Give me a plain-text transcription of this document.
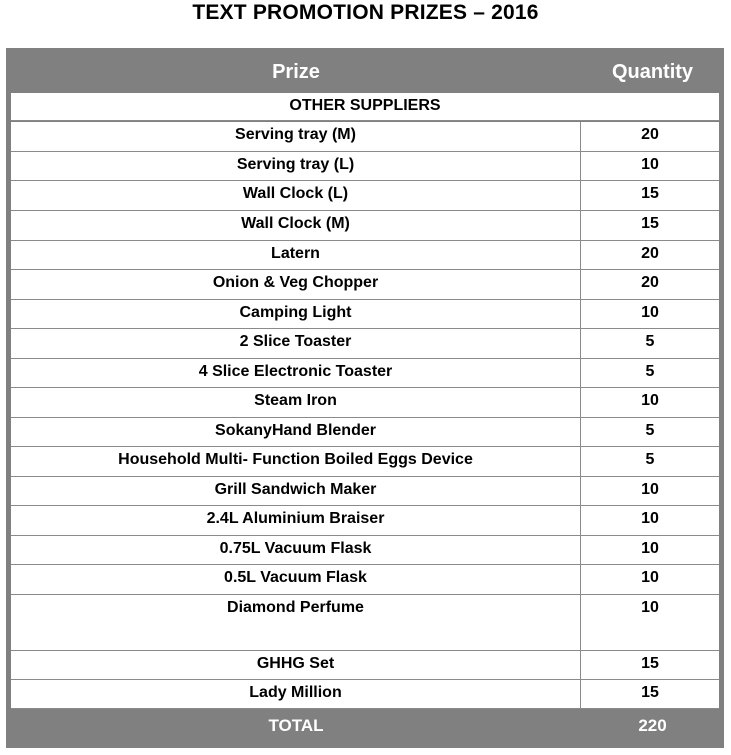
TEXT PROMOTION PRIZES – 2016
Prize	Quantity
OTHER SUPPLIERS
Serving tray (M)	20
Serving tray (L)	10
Wall Clock (L)	15
Wall Clock (M)	15
Latern	20
Onion & Veg Chopper	20
Camping Light	10
2 Slice Toaster	5
4 Slice Electronic Toaster	5
Steam Iron	10
SokanyHand Blender	5
Household Multi- Function Boiled Eggs Device	5
Grill Sandwich Maker	10
2.4L Aluminium Braiser	10
0.75L Vacuum Flask	10
0.5L Vacuum Flask	10
Diamond Perfume	10
GHHG Set	15
Lady Million	15
TOTAL	220
